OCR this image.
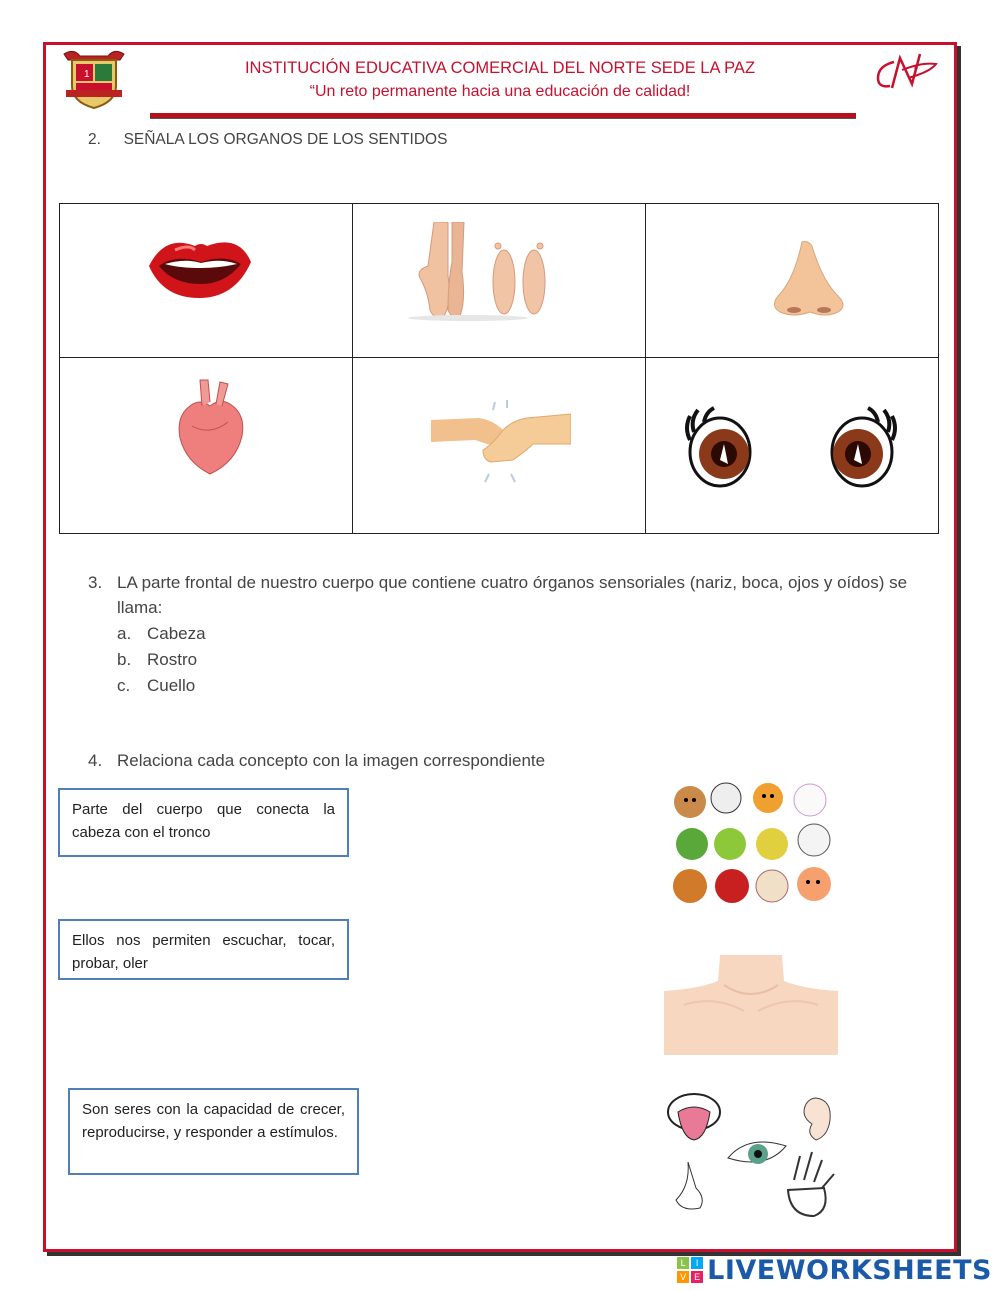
1	INSTITUCIÓN EDUCATIVA COMERCIAL DEL NORTE SEDE LA PAZ
“Un reto permanente hacia una educación de calidad!
2. SEÑALA LOS ORGANOS DE LOS SENTIDOS

3. LA parte frontal de nuestro cuerpo que contiene cuatro órganos sensoriales (nariz, boca, ojos y oídos) se
llama:
a. Cabeza
b. Rostro
c. Cuello
4. Relaciona cada concepto con la imagen correspondiente
Parte del cuerpo que conecta la cabeza con el tronco
Ellos nos permiten escuchar, tocar, probar, oler
Son seres con la capacidad de crecer, reproducirse, y responder a estímulos.
L	I
V E LIVEWORKSHEETS
